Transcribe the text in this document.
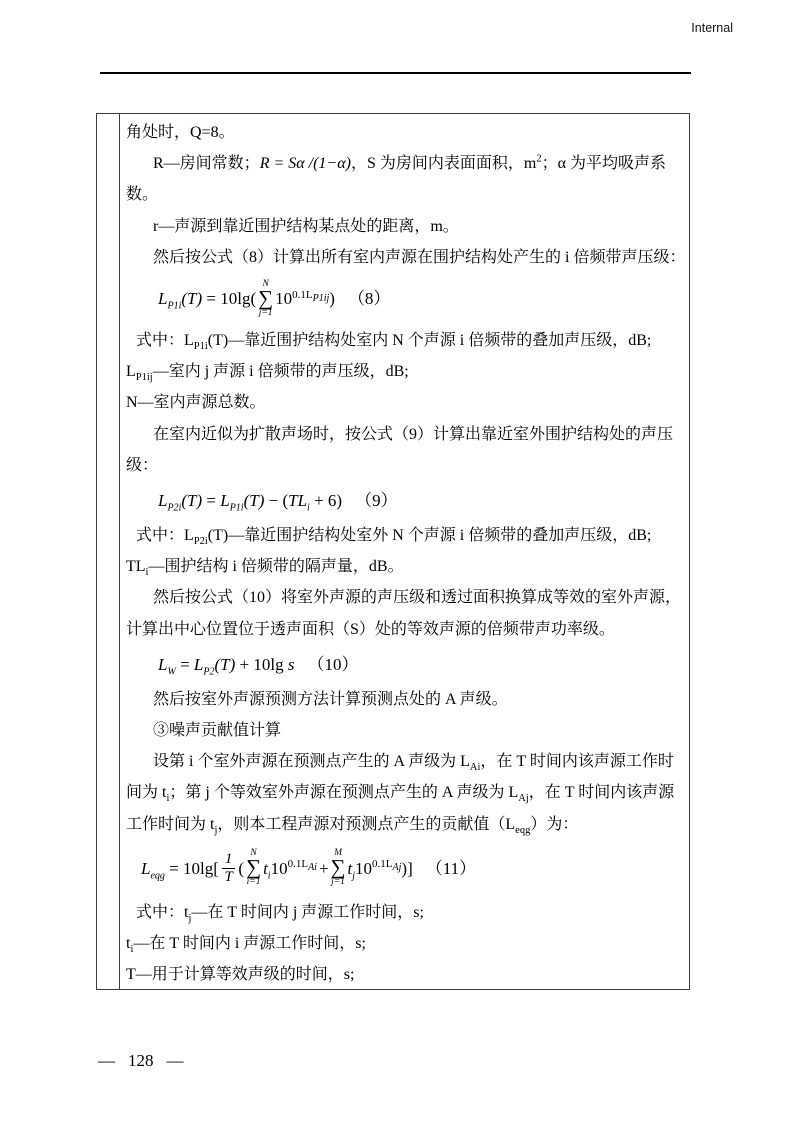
Internal
角处时，Q=8。
R—房间常数；R = Sα /(1−α)，S 为房间内表面面积，$m^2$；α 为平均吸声系
数。
r—声源到靠近围护结构某点处的距离，m。
然后按公式（8）计算出所有室内声源在围护结构处产生的 i 倍频带声压级：
$L_{P1i}(T) = 10\lg$(
N
∑
j=1
$10^{0.1L_{P1ij}}$) （8）
式中：$L_{P1i}(T)—$靠近围护结构处室内 N 个声源 i 倍频带的叠加声压级，dB;
$L_{P1ij}—$室内 j 声源 i 倍频带的声压级，dB;
N—室内声源总数。
在室内近似为扩散声场时，按公式（9）计算出靠近室外围护结构处的声压
级：
$L_{P2i}(T) = L_{P1i}(T) - (TL_i + 6)$ （9）
式中：$L_{P2i}(T)—$靠近围护结构处室外 N 个声源 i 倍频带的叠加声压级，dB;
$TL_i—$围护结构 i 倍频带的隔声量，dB。
然后按公式（10）将室外声源的声压级和透过面积换算成等效的室外声源，
计算出中心位置位于透声面积（S）处的等效声源的倍频带声功率级。
$L_W = L_{P2}(T) + 10\lg$ s （10）
然后按室外声源预测方法计算预测点处的 A 声级。
③噪声贡献值计算
设第 i 个室外声源在预测点产生的 A 声级为 $L_{Ai}$，在 T 时间内该声源工作时
间为 $t_i$；第 j 个等效室外声源在预测点产生的 A 声级为 $L_{Aj}$，在 T 时间内该声源
工作时间为 $t_j$，则本工程声源对预测点产生的贡献值$(L_{eqg})$为：
$L_{eqg} = 10\lg[ \frac{1}{T}$ (
N
∑
i=1
$t_i10^{0.1L_{Ai}}$ +
M
∑
j=1
$t_j10^{0.1L_{Aj}}$)] （11）
式中：$t_j—$在 T 时间内 j 声源工作时间，s;
$t_i—$在 T 时间内 i 声源工作时间，s;
T—用于计算等效声级的时间，s;
— 128 —
